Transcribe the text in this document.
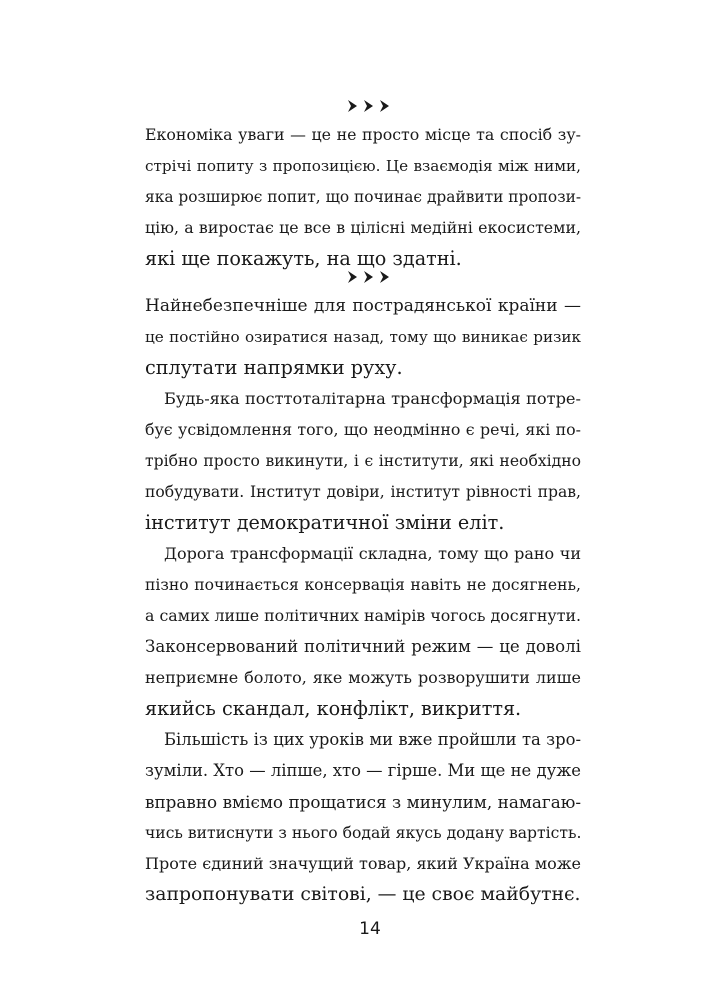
Економіка уваги — це не просто місце та спосіб зу-
стрічі попиту з пропозицією. Це взаємодія між ними,
яка розширює попит, що починає драйвити пропози-
цію, а виростає це все в цілісні медійні екосистеми,
які ще покажуть, на що здатні.
Найнебезпечніше для пострадянської країни —
це постійно озиратися назад, тому що виникає ризик
сплутати напрямки руху.
Будь-яка посттоталітарна трансформація потре-
бує усвідомлення того, що неодмінно є речі, які по-
трібно просто викинути, і є інститути, які необхідно
побудувати. Інститут довіри, інститут рівності прав,
інститут демократичної зміни еліт.
Дорога трансформації складна, тому що рано чи
пізно починається консервація навіть не досягнень,
а самих лише політичних намірів чогось досягнути.
Законсервований політичний режим — це доволі
неприємне болото, яке можуть розворушити лише
якийсь скандал, конфлікт, викриття.
Більшість із цих уроків ми вже пройшли та зро-
зуміли. Хто — ліпше, хто — гірше. Ми ще не дуже
вправно вміємо прощатися з минулим, намагаю-
чись витиснути з нього бодай якусь додану вартість.
Проте єдиний значущий товар, який Україна може
запропонувати світові, — це своє майбутнє.
14
